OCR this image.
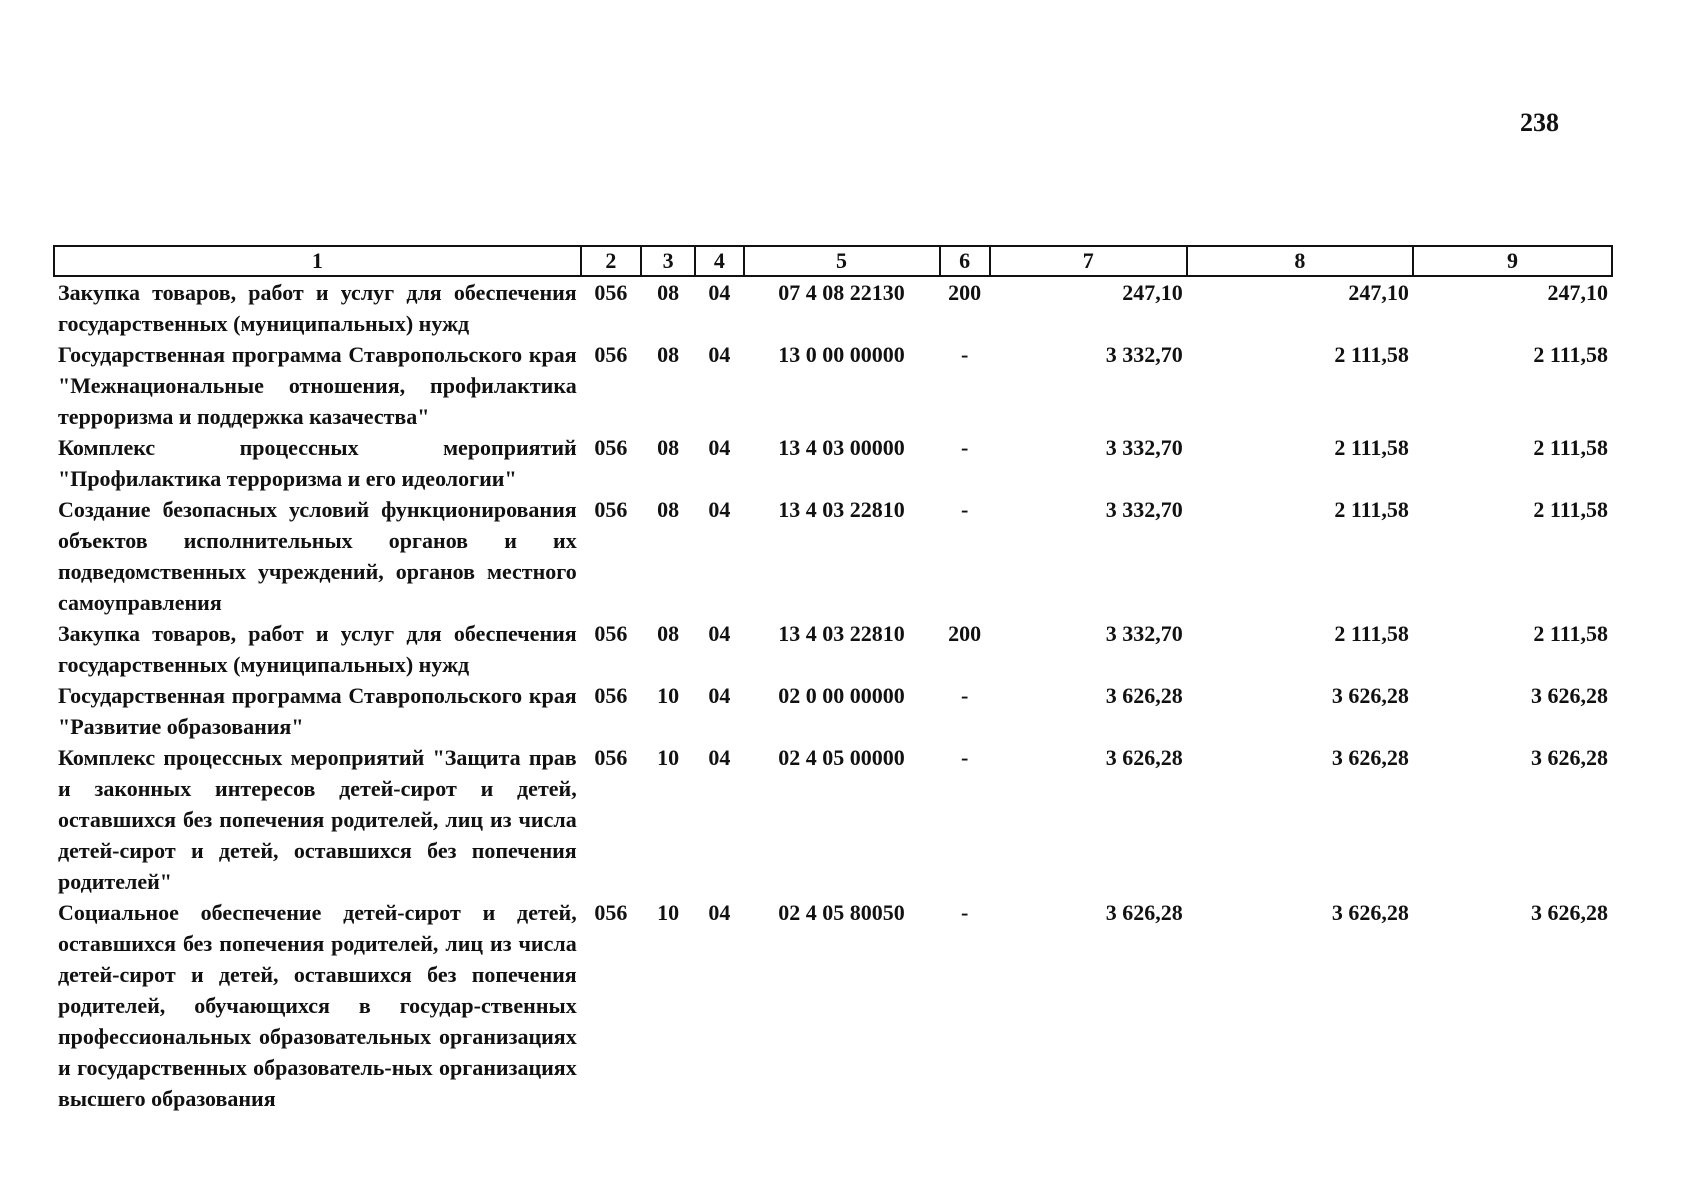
238
1	2	3	4	5	6	7	8	9
Закупка товаров, работ и услуг для обеспечения государственных (муниципальных) нужд	056	08	04	07 4 08 22130	200	247,10	247,10	247,10
Государственная программа Ставропольского края "Межнациональные отношения, профилактика терроризма и поддержка казачества"	056	08	04	13 0 00 00000	-	3 332,70	2 111,58	2 111,58
Комплекс процессных мероприятий "Профилактика терроризма и его идеологии"	056	08	04	13 4 03 00000	-	3 332,70	2 111,58	2 111,58
Создание безопасных условий функционирования объектов исполнительных органов и их подведомственных учреждений, органов местного самоуправления	056	08	04	13 4 03 22810	-	3 332,70	2 111,58	2 111,58
Закупка товаров, работ и услуг для обеспечения государственных (муниципальных) нужд	056	08	04	13 4 03 22810	200	3 332,70	2 111,58	2 111,58
Государственная программа Ставропольского края "Развитие образования"	056	10	04	02 0 00 00000	-	3 626,28	3 626,28	3 626,28
Комплекс процессных мероприятий "Защита прав и законных интересов детей-сирот и детей, оставшихся без попечения родителей, лиц из числа детей-сирот и детей, оставшихся без попечения родителей"	056	10	04	02 4 05 00000	-	3 626,28	3 626,28	3 626,28
Социальное обеспечение детей-сирот и детей, оставшихся без попечения родителей, лиц из числа детей-сирот и детей, оставшихся без попечения родителей, обучающихся в государ-ственных профессиональных образовательных организациях и государственных образователь-ных организациях высшего образования	056	10	04	02 4 05 80050	-	3 626,28	3 626,28	3 626,28
